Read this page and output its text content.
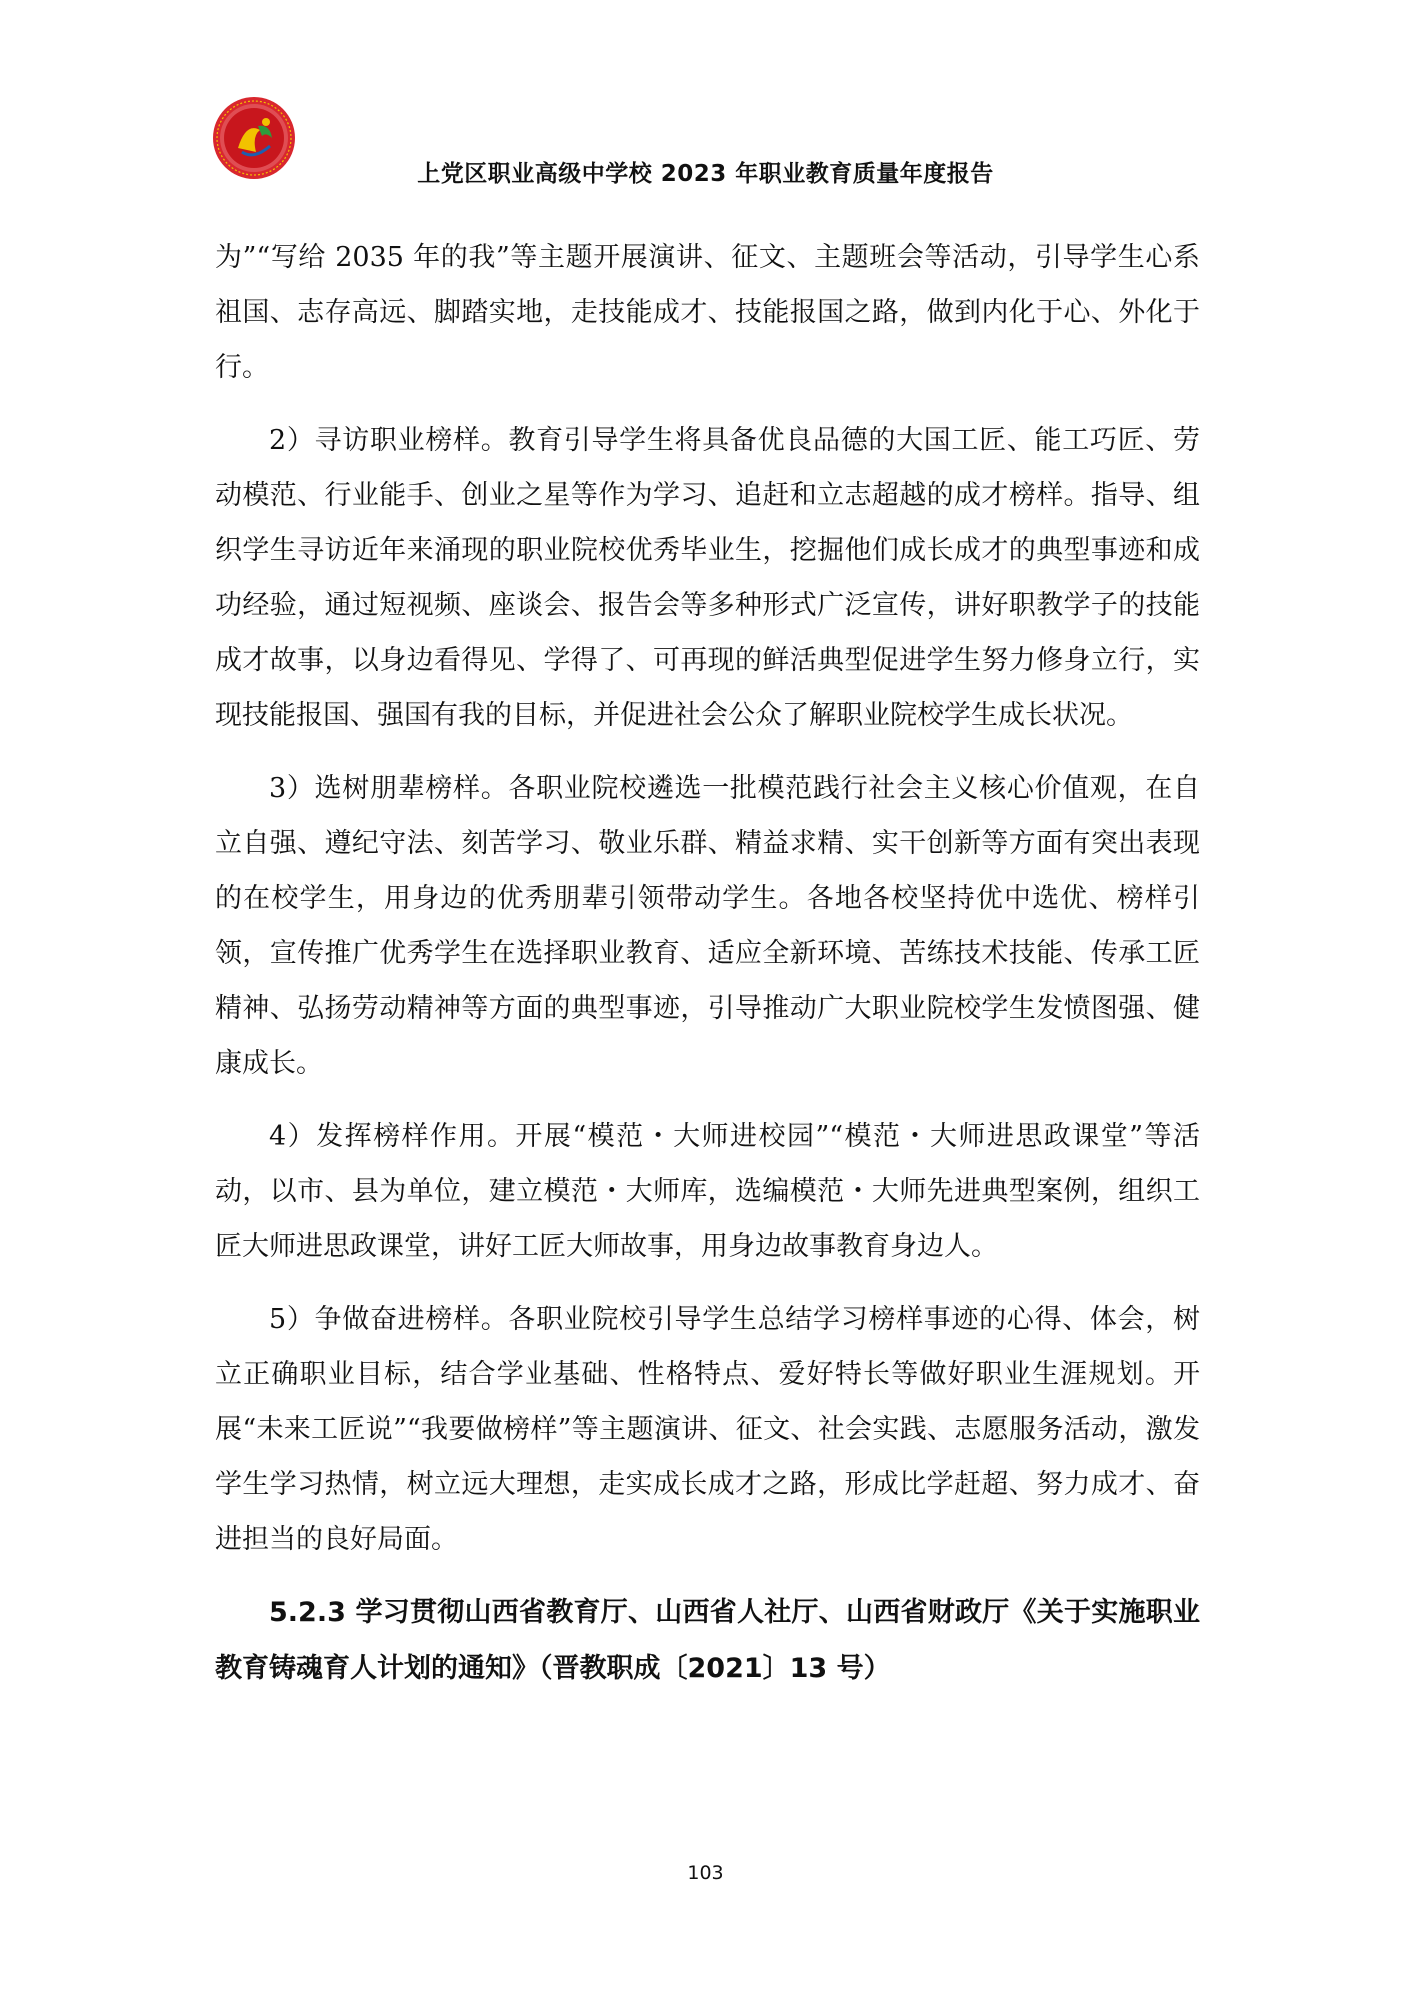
上党区职业高级中学校 2023 年职业教育质量年度报告

为”“写给 2035 年的我”等主题开展演讲、征文、主题班会等活动，引导学生心系祖国、志存高远、脚踏实地，走技能成才、技能报国之路，做到内化于心、外化于行。

2）寻访职业榜样。教育引导学生将具备优良品德的大国工匠、能工巧匠、劳动模范、行业能手、创业之星等作为学习、追赶和立志超越的成才榜样。指导、组织学生寻访近年来涌现的职业院校优秀毕业生，挖掘他们成长成才的典型事迹和成功经验，通过短视频、座谈会、报告会等多种形式广泛宣传，讲好职教学子的技能成才故事，以身边看得见、学得了、可再现的鲜活典型促进学生努力修身立行，实现技能报国、强国有我的目标，并促进社会公众了解职业院校学生成长状况。

3）选树朋辈榜样。各职业院校遴选一批模范践行社会主义核心价值观，在自立自强、遵纪守法、刻苦学习、敬业乐群、精益求精、实干创新等方面有突出表现的在校学生，用身边的优秀朋辈引领带动学生。各地各校坚持优中选优、榜样引领，宣传推广优秀学生在选择职业教育、适应全新环境、苦练技术技能、传承工匠精神、弘扬劳动精神等方面的典型事迹，引导推动广大职业院校学生发愤图强、健康成长。

4）发挥榜样作用。开展“模范・大师进校园”“模范・大师进思政课堂”等活动，以市、县为单位，建立模范・大师库，选编模范・大师先进典型案例，组织工匠大师进思政课堂，讲好工匠大师故事，用身边故事教育身边人。

5）争做奋进榜样。各职业院校引导学生总结学习榜样事迹的心得、体会，树立正确职业目标，结合学业基础、性格特点、爱好特长等做好职业生涯规划。开展“未来工匠说”“我要做榜样”等主题演讲、征文、社会实践、志愿服务活动，激发学生学习热情，树立远大理想，走实成长成才之路，形成比学赶超、努力成才、奋进担当的良好局面。

5.2.3 学习贯彻山西省教育厅、山西省人社厅、山西省财政厅《关于实施职业教育铸魂育人计划的通知》（晋教职成〔2021〕13 号）

103
